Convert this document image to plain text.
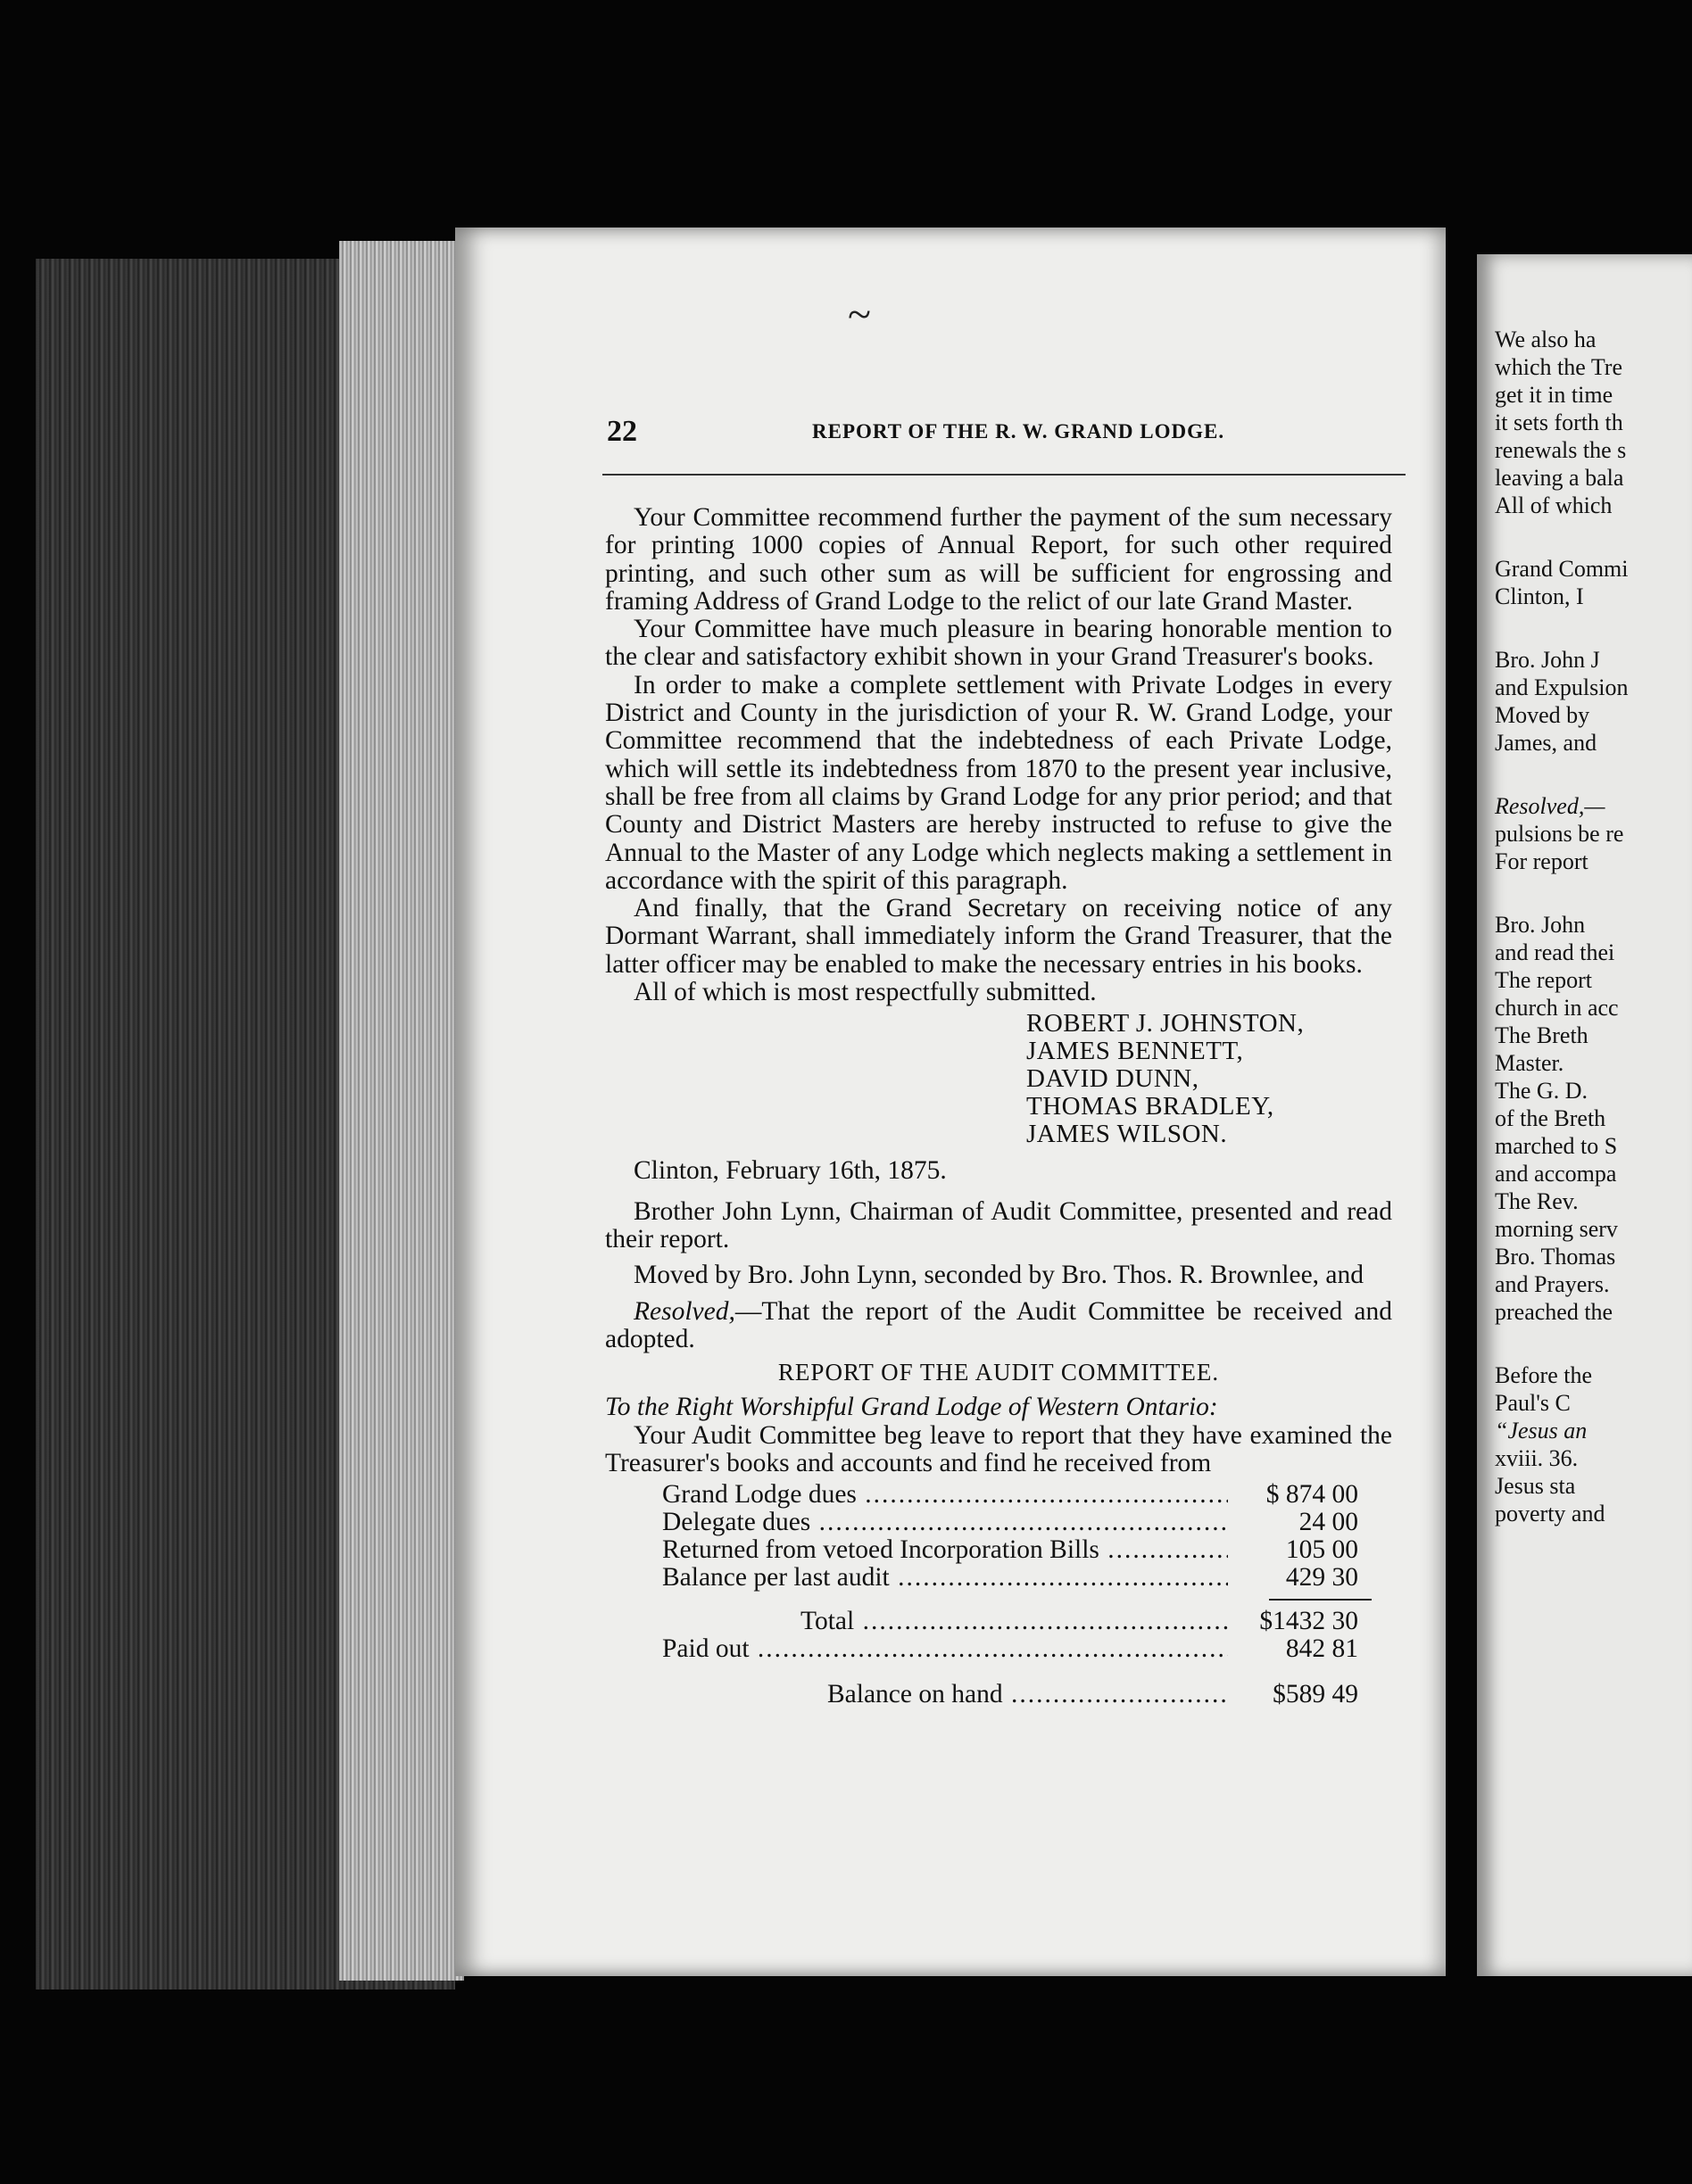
~
22	REPORT OF THE R. W. GRAND LODGE.

Your Committee recommend further the payment of the sum necessary for printing 1000 copies of Annual Report, for such other required printing, and such other sum as will be sufficient for engrossing and framing Address of Grand Lodge to the relict of our late Grand Master.

Your Committee have much pleasure in bearing honorable mention to the clear and satisfactory exhibit shown in your Grand Treasurer's books.

In order to make a complete settlement with Private Lodges in every District and County in the jurisdiction of your R. W. Grand Lodge, your Committee recommend that the indebtedness of each Private Lodge, which will settle its indebtedness from 1870 to the present year inclusive, shall be free from all claims by Grand Lodge for any prior period; and that County and District Masters are hereby instructed to refuse to give the Annual to the Master of any Lodge which neglects making a settlement in accordance with the spirit of this paragraph.

And finally, that the Grand Secretary on receiving notice of any Dormant Warrant, shall immediately inform the Grand Treasurer, that the latter officer may be enabled to make the necessary entries in his books.

All of which is most respectfully submitted.

ROBERT J. JOHNSTON,
JAMES BENNETT,
DAVID DUNN,
THOMAS BRADLEY,
JAMES WILSON.
Clinton, February 16th, 1875.

Brother John Lynn, Chairman of Audit Committee, presented and read their report.

Moved by Bro. John Lynn, seconded by Bro. Thos. R. Brownlee, and

Resolved,—That the report of the Audit Committee be received and adopted.

REPORT OF THE AUDIT COMMITTEE.

To the Right Worshipful Grand Lodge of Western Ontario:

Your Audit Committee beg leave to report that they have examined the Treasurer's books and accounts and find he received from

Grand Lodge dues .....	$ 874 00
Delegate dues .....	24 00
Returned from vetoed Incorporation Bills .....	105 00
Balance per last audit .....	429 30
Total .....	$1432 30
Paid out .....	842 81
Balance on hand .....	$589 49
We also ha
which the Tre
get it in time
it sets forth th
renewals the s
leaving a bala
All of which
Grand Commi
Clinton, I
Bro. John J
and Expulsion
Moved by
James, and
Resolved,—
pulsions be re
For report
Bro. John
and read thei
The report
church in acc
The Breth
Master.
The G. D.
of the Breth
marched to S
and accompa
The Rev.
morning serv
Bro. Thomas
and Prayers.
preached the
Before the
Paul's C
“Jesus an
xviii. 36.
Jesus sta
poverty and
